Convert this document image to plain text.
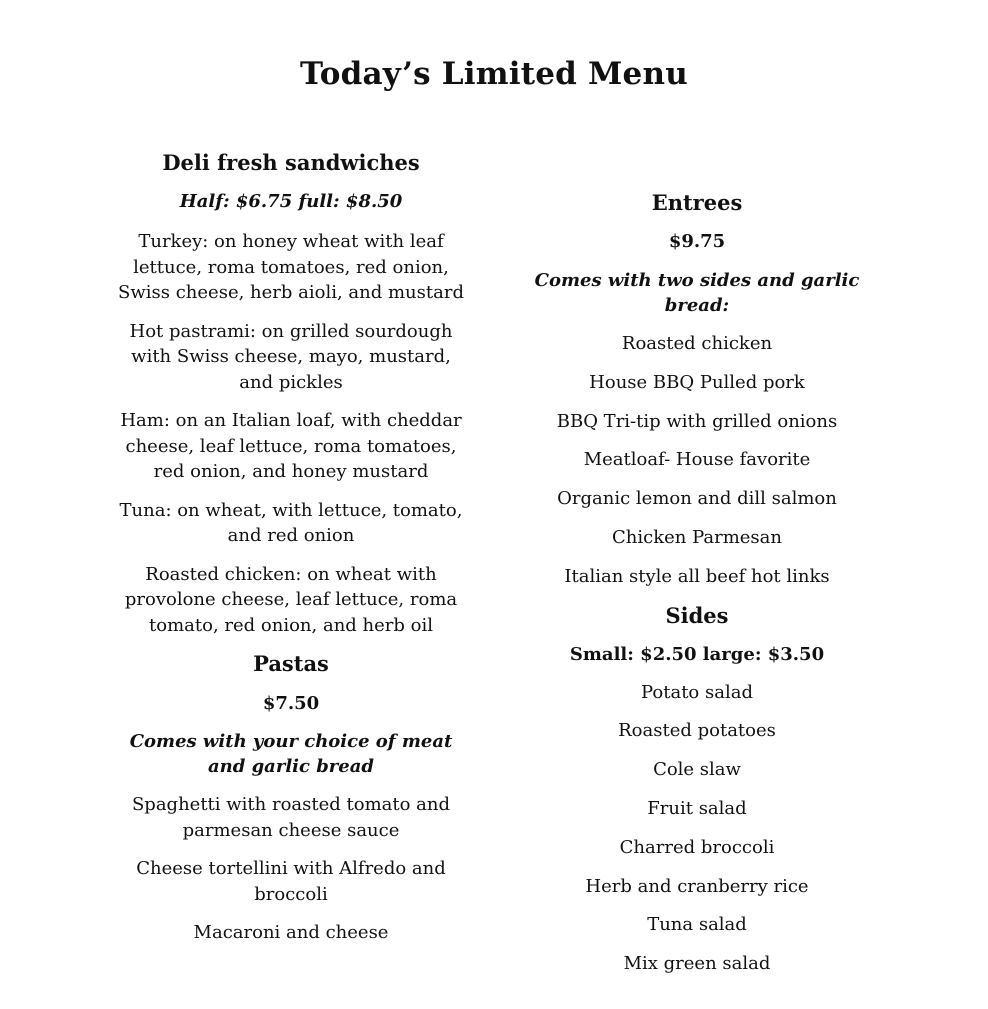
Today’s Limited Menu

Deli fresh sandwiches

Half: $6.75 full: $8.50

Turkey: on honey wheat with leaf lettuce, roma tomatoes, red onion, Swiss cheese, herb aioli, and mustard
Hot pastrami: on grilled sourdough with Swiss cheese, mayo, mustard, and pickles
Ham: on an Italian loaf, with cheddar cheese, leaf lettuce, roma tomatoes, red onion, and honey mustard
Tuna: on wheat, with lettuce, tomato, and red onion
Roasted chicken: on wheat with provolone cheese, leaf lettuce, roma tomato, red onion, and herb oil

Pastas

$7.50

Comes with your choice of meat and garlic bread

Spaghetti with roasted tomato and parmesan cheese sauce
Cheese tortellini with Alfredo and broccoli
Macaroni and cheese

Entrees

$9.75

Comes with two sides and garlic bread:

Roasted chicken
House BBQ Pulled pork
BBQ Tri-tip with grilled onions
Meatloaf- House favorite
Organic lemon and dill salmon
Chicken Parmesan
Italian style all beef hot links

Sides

Small: $2.50 large: $3.50

Potato salad
Roasted potatoes
Cole slaw
Fruit salad
Charred broccoli
Herb and cranberry rice
Tuna salad
Mix green salad
